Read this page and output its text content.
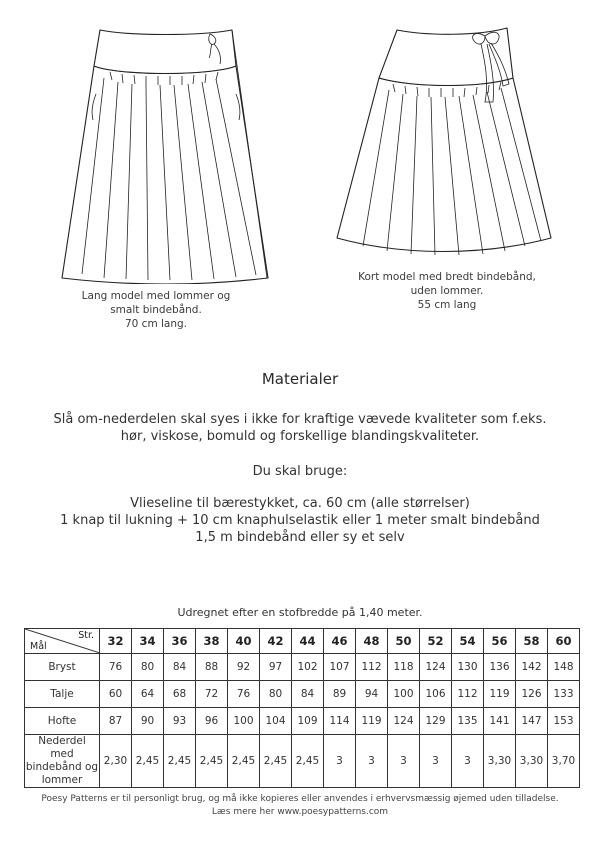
Lang model med lommer og
smalt bindebånd.
70 cm lang.
Kort model med bredt bindebånd,
uden lommer.
55 cm lang
Materialer
Slå om-nederdelen skal syes i ikke for kraftige vævede kvaliteter som f.eks.
hør, viskose, bomuld og forskellige blandingskvaliteter.
Du skal bruge:
Vlieseline til bærestykket, ca. 60 cm (alle størrelser)
1 knap til lukning + 10 cm knaphulselastik eller 1 meter smalt bindebånd
1,5 m bindebånd eller sy et selv
Udregnet efter en stofbredde på 1,40 meter.
Str.
Mål	32	34	36	38	40	42	44	46	48	50	52	54	56	58	60

Bryst	76	80	84	88	92	97	102	107	112	118	124	130	136	142	148

Talje	60	64	68	72	76	80	84	89	94	100	106	112	119	126	133

Hofte	87	90	93	96	100	104	109	114	119	124	129	135	141	147	153

Nederdel med
bindebånd og
lommer	2,30	2,45	2,45	2,45	2,45	2,45	2,45	3	3	3	3	3	3,30	3,30	3,70
Poesy Patterns er til personligt brug, og må ikke kopieres eller anvendes i erhvervsmæssig øjemed uden tilladelse.
Læs mere her www.poesypatterns.com
